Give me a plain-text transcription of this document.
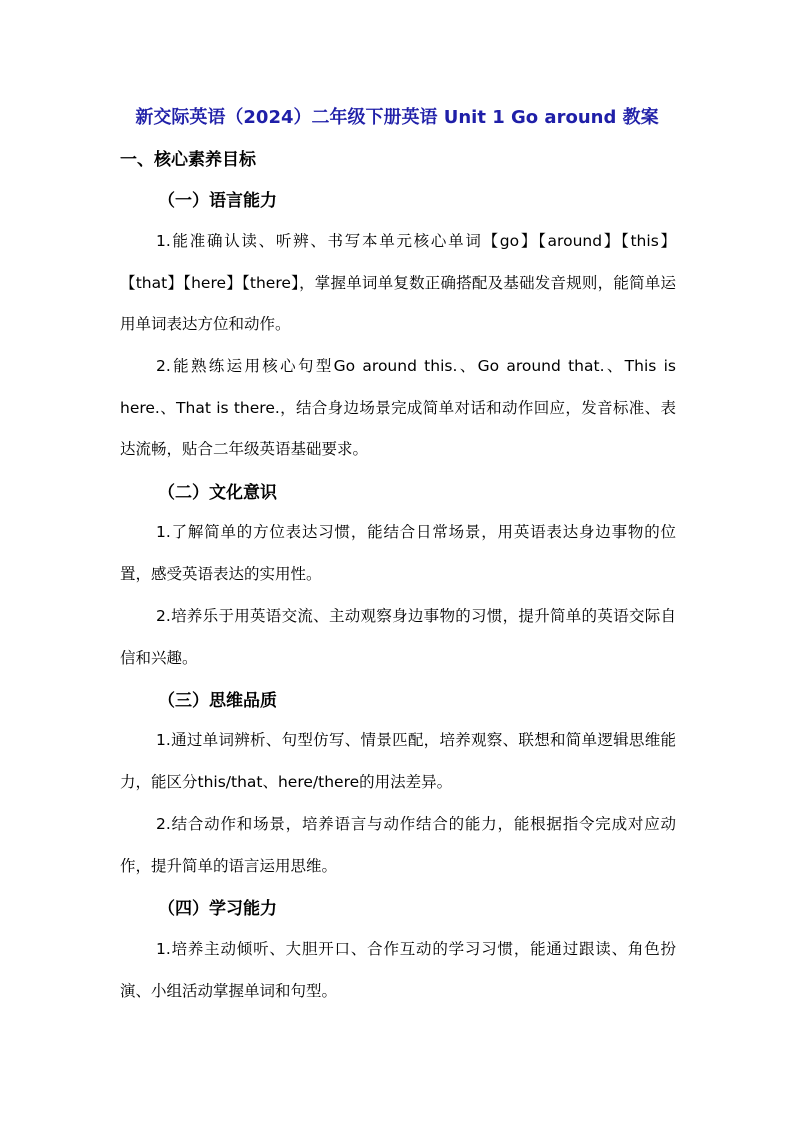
新交际英语（2024）二年级下册英语 Unit 1 Go around 教案
一、核心素养目标
（一）语言能力

1.能准确认读、听辨、书写本单元核心单词【go】【around】【this】【that】【here】【there】，掌握单词单复数正确搭配及基础发音规则，能简单运用单词表达方位和动作。

2.能熟练运用核心句型Go around this.、Go around that.、This is here.、That is there.，结合身边场景完成简单对话和动作回应，发音标准、表达流畅，贴合二年级英语基础要求。

（二）文化意识

1.了解简单的方位表达习惯，能结合日常场景，用英语表达身边事物的位置，感受英语表达的实用性。

2.培养乐于用英语交流、主动观察身边事物的习惯，提升简单的英语交际自信和兴趣。

（三）思维品质

1.通过单词辨析、句型仿写、情景匹配，培养观察、联想和简单逻辑思维能力，能区分this/that、here/there的用法差异。

2.结合动作和场景，培养语言与动作结合的能力，能根据指令完成对应动作，提升简单的语言运用思维。

（四）学习能力

1.培养主动倾听、大胆开口、合作互动的学习习惯，能通过跟读、角色扮演、小组活动掌握单词和句型。
